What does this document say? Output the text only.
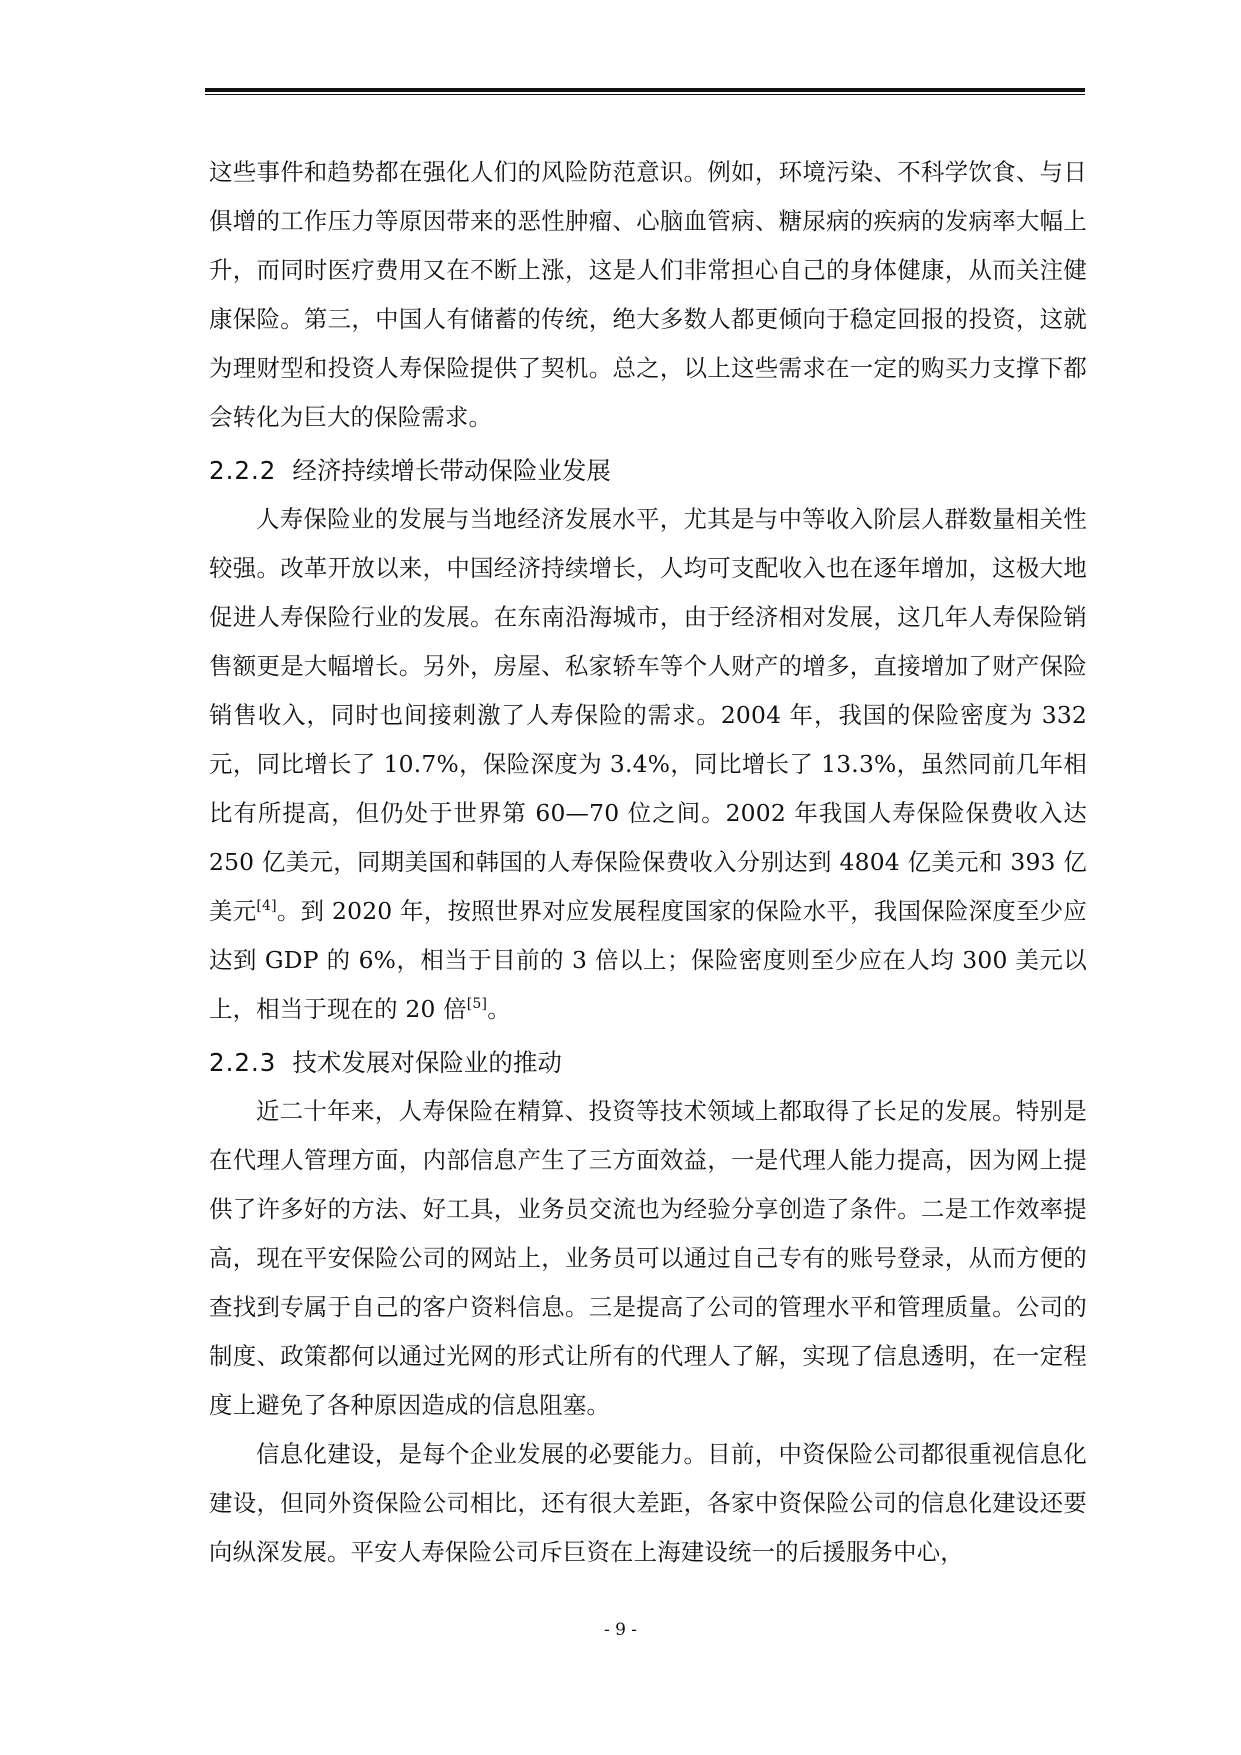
这些事件和趋势都在强化人们的风险防范意识。例如，环境污染、不科学饮食、与日俱增的工作压力等原因带来的恶性肿瘤、心脑血管病、糖尿病的疾病的发病率大幅上升，而同时医疗费用又在不断上涨，这是人们非常担心自己的身体健康，从而关注健康保险。第三，中国人有储蓄的传统，绝大多数人都更倾向于稳定回报的投资，这就为理财型和投资人寿保险提供了契机。总之，以上这些需求在一定的购买力支撑下都会转化为巨大的保险需求。

2.2.2 经济持续增长带动保险业发展

人寿保险业的发展与当地经济发展水平，尤其是与中等收入阶层人群数量相关性较强。改革开放以来，中国经济持续增长，人均可支配收入也在逐年增加，这极大地促进人寿保险行业的发展。在东南沿海城市，由于经济相对发展，这几年人寿保险销售额更是大幅增长。另外，房屋、私家轿车等个人财产的增多，直接增加了财产保险销售收入，同时也间接刺激了人寿保险的需求。2004 年，我国的保险密度为 332 元，同比增长了 10.7%，保险深度为 3.4%，同比增长了 13.3%，虽然同前几年相比有所提高，但仍处于世界第 60—70 位之间。2002 年我国人寿保险保费收入达 250 亿美元，同期美国和韩国的人寿保险保费收入分别达到 4804 亿美元和 393 亿美元[4]。到 2020 年，按照世界对应发展程度国家的保险水平，我国保险深度至少应达到 GDP 的 6%，相当于目前的 3 倍以上；保险密度则至少应在人均 300 美元以上，相当于现在的 20 倍[5]。

2.2.3 技术发展对保险业的推动

近二十年来，人寿保险在精算、投资等技术领域上都取得了长足的发展。特别是在代理人管理方面，内部信息产生了三方面效益，一是代理人能力提高，因为网上提供了许多好的方法、好工具，业务员交流也为经验分享创造了条件。二是工作效率提高，现在平安保险公司的网站上，业务员可以通过自己专有的账号登录，从而方便的查找到专属于自己的客户资料信息。三是提高了公司的管理水平和管理质量。公司的制度、政策都何以通过光网的形式让所有的代理人了解，实现了信息透明，在一定程度上避免了各种原因造成的信息阻塞。

信息化建设，是每个企业发展的必要能力。目前，中资保险公司都很重视信息化建设，但同外资保险公司相比，还有很大差距，各家中资保险公司的信息化建设还要向纵深发展。平安人寿保险公司斥巨资在上海建设统一的后援服务中心，

- 9 -
